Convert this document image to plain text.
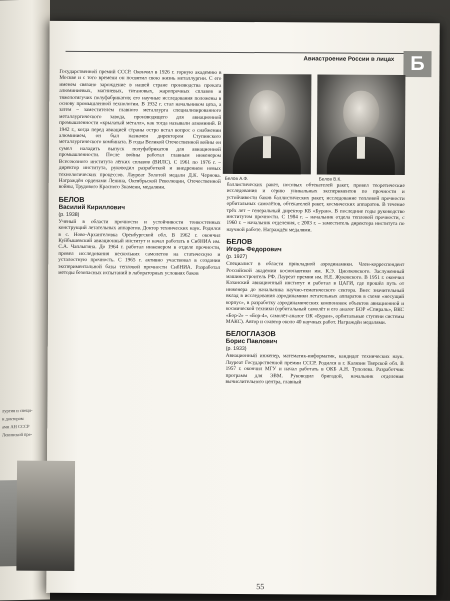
лургия и специ-
и доктором
ами АН СССР
Ленинской пре-
Авиастроение России в лицах Б

Государственной премий СССР. Окончил в 1926 г. горную академию в Москве и с того времени он посвятил свою жизнь металлургии. С его именем связано зарождение в нашей стране производства проката алюминиевых, магниевых, титановых, жаропрочных сплавов и тяжелотягучих полуфабрикатов; его научные исследования положены в основу промышленной технологии. В 1932 г. стал начальником цеха, а затем – заместителем главного металлурга специализированного металлургического завода, производящего для авиационной промышленности «крылатый металл», как тогда называли алюминий. В 1942 г., когда перед авиацией страны остро встал вопрос о снабжении алюминием, он был назначен директором Ступинского металлургического комбината. В годы Великой Отечественной войны он сумел наладить выпуск полуфабрикатов для авиационной промышленности. После войны работал главным инженером Всесоюзного института лёгких сплавов (ВИЛС). С 1961 по 1976 г. – директор института, руководил разработкой и внедрением новых технологических процессов. Лауреат Золотой медали Д.К. Чернова. Награждён орденами Ленина, Октябрьской Революции, Отечественной войны, Трудового Красного Знамени, медалями.

БЕЛОВ
Василий Кириллович
(р. 1938)

Ученый в области прочности и устойчивости тонкостенных конструкций летательных аппаратов. Доктор технических наук. Родился в с. Ново-Архангеловка Оренбургской обл. В 1962 г. окончил Куйбышевский авиационный институт и начал работать в СибНИА им. С.А. Чаплыгина. До 1964 г. работал инженером в отделе прочности, провел исследования нескольких самолетов на статическую и усталостную прочность. С 1965 г. активно участвовал в создании экспериментальной базы тепловой прочности СибНИА. Разработал методы безопасных испытаний в лабораторных условиях баков

Белов А.Ф.	Белов В.К.

баллистических ракет, носовых обтекателей ракет, провел теоретические исследования и серию уникальных экспериментов по прочности и устойчивости баков баллистических ракет, исследование тепловой прочности орбитальных самолётов, обтекателей ракет, космических аппаратов. В течение трёх лет – генеральный директор КБ «Буран». В последние годы руководство институтом прочности. С 1984 г. – начальник отдела тепловой прочности, с 1960 г. – начальник отделения, с 2003 г. – заместитель директора института по научной работе. Награждён медалями.

БЕЛОВ
Игорь Федорович
(р. 1927)

Специалист в области прикладной аэродинамики. Член-корреспондент Российской академии космонавтики им. К.Э. Циолковского. Заслуженный машиностроитель РФ. Лауреат премии им. Н.Е. Жуковского. В 1951 г. окончил Казанский авиационный институт и работал в ЦАГИ, где прошёл путь от инженера до начальника научно-тематического сектора. Внес значительный вклад в исследования аэродинамики летательных аппаратов в схеме «несущий корпус», в разработку аэродинамических компоновок объектов авиационной и космической техники (орбитальный самолёт и его аналог БОР «Спираль», ВКС «Бор-2» – «Бор-4», самолёт-аналог ОК «Буран», орбитальные ступени системы МАКС). Автор и соавтор около 40 научных работ. Награждён медалями.

БЕЛОГЛАЗОВ
Борис Павлович
(р. 1933)

Авиационный инженер, математик-информатик, кандидат технических наук. Лауреат Государственной премии СССР. Родился в г. Калязин Тверской обл. В 1957 г. окончил МГУ и начал работать в ОКБ А.Н. Туполева. Разработчик программ для ЭВМ. Руководил бригадой, начальник отделения вычислительного центра, главный

55
